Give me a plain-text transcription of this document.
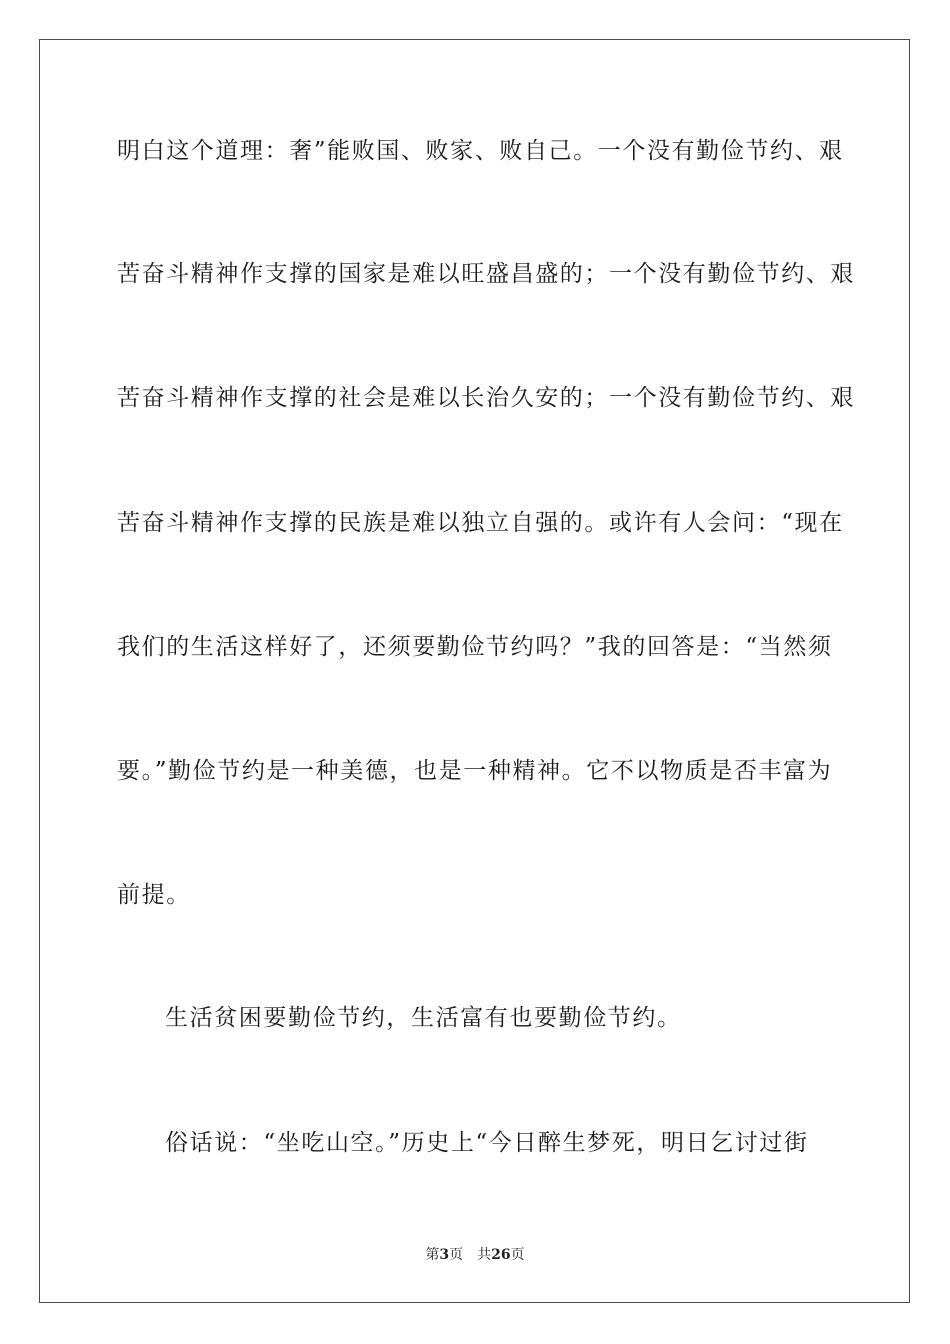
明白这个道理：奢”能败国、败家、败自己。一个没有勤俭节约、艰
苦奋斗精神作支撑的国家是难以旺盛昌盛的；一个没有勤俭节约、艰
苦奋斗精神作支撑的社会是难以长治久安的；一个没有勤俭节约、艰
苦奋斗精神作支撑的民族是难以独立自强的。或许有人会问：“现在
我们的生活这样好了，还须要勤俭节约吗？”我的回答是：“当然须
要。”勤俭节约是一种美德，也是一种精神。它不以物质是否丰富为
前提。
生活贫困要勤俭节约，生活富有也要勤俭节约。
俗话说：“坐吃山空。”历史上“今日醉生梦死，明日乞讨过街
第3页 共26页
